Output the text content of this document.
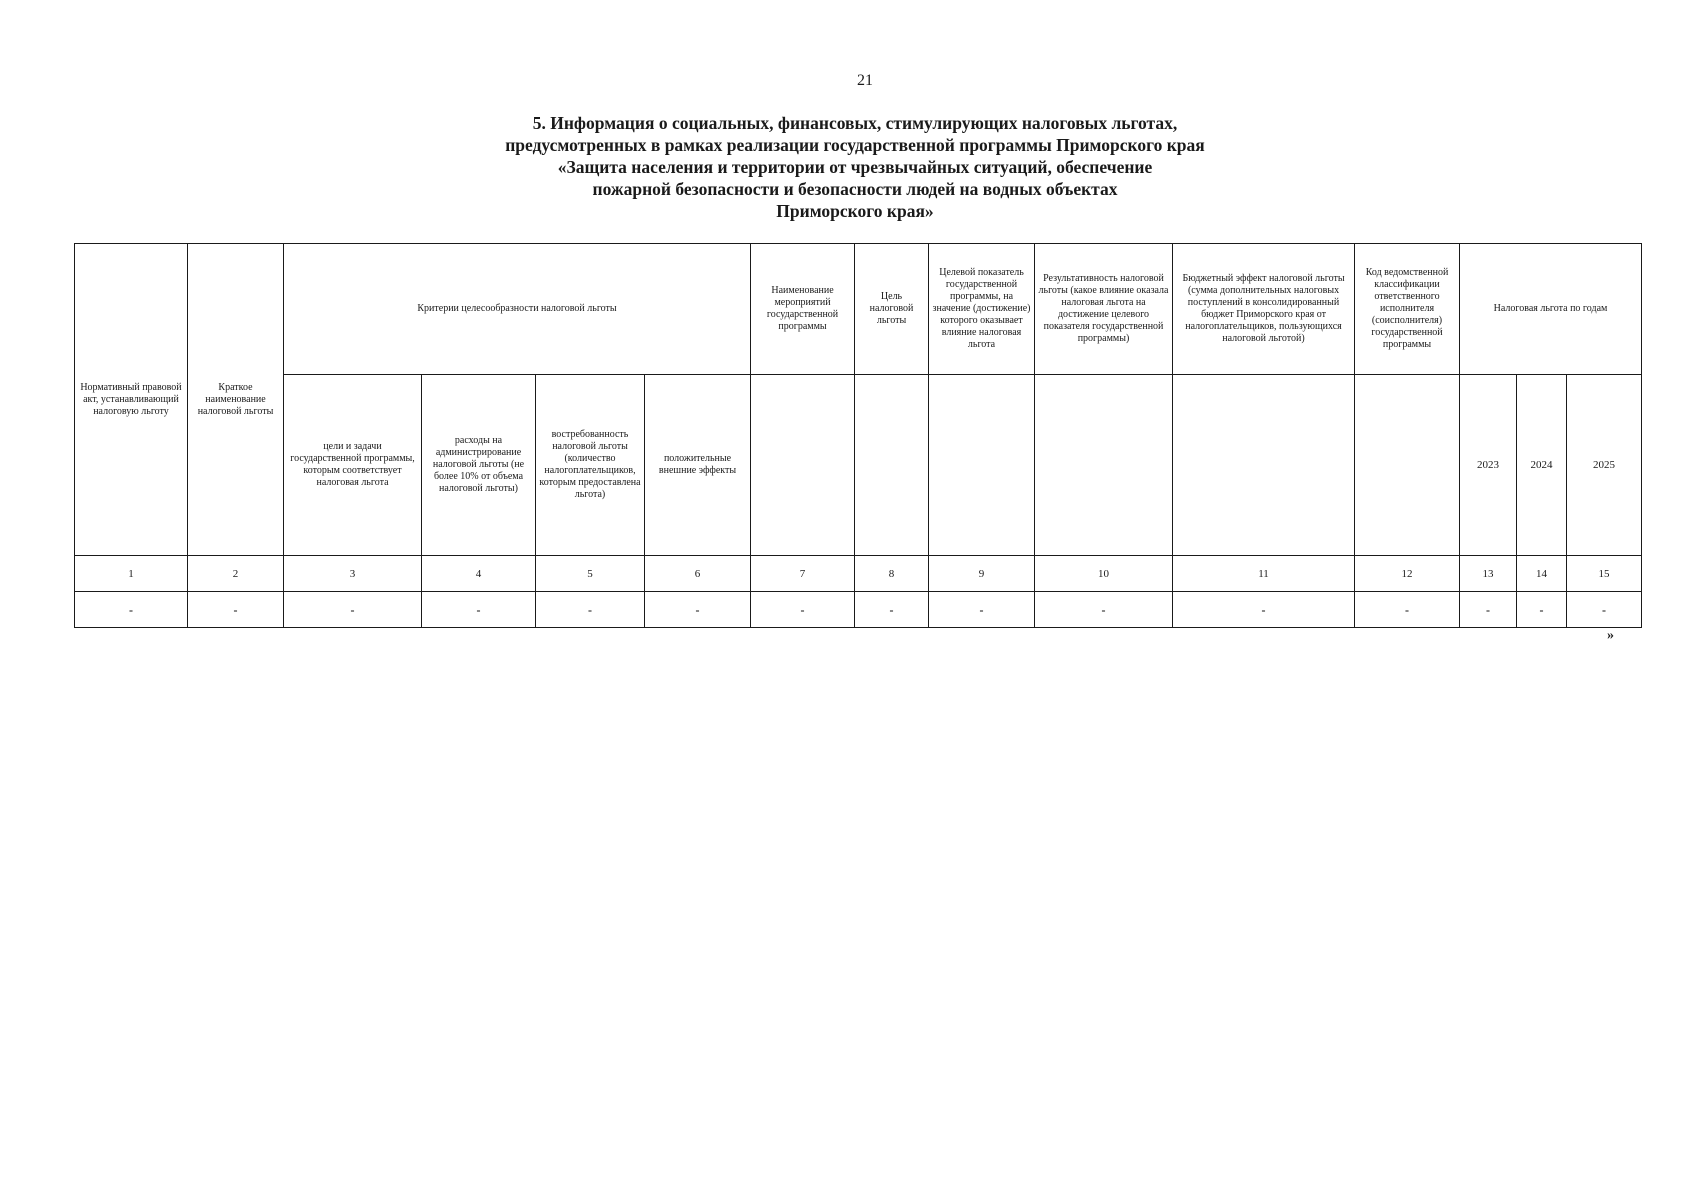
21
5. Информация о социальных, финансовых, стимулирующих налоговых льготах,
предусмотренных в рамках реализации государственной программы Приморского края
«Защита населения и территории от чрезвычайных ситуаций, обеспечение
пожарной безопасности и безопасности людей на водных объектах
Приморского края»
Нормативный правовой акт, устанавливающий налоговую льготу	Краткое наименование налоговой льготы	Критерии целесообразности налоговой льготы				Наименование мероприятий государственной программы	Цель налоговой льготы	Целевой показатель государственной программы, на значение (достижение) которого оказывает влияние налоговая льгота	Результативность налоговой льготы (какое влияние оказала налоговая льгота на достижение целевого показателя государственной программы)	Бюджетный эффект налоговой льготы (сумма дополнительных налоговых поступлений в консолидированный бюджет Приморского края от налогоплательщиков, пользующихся налоговой льготой)	Код ведомственной классификации ответственного исполнителя (соисполнителя) государственной программы	Налоговая льгота по годам		
		цели и задачи государственной программы, которым соответствует налоговая льгота	расходы на администрирование налоговой льготы (не более 10% от объема налоговой льготы)	востребованность налоговой льготы (количество налогоплательщиков, которым предоставлена льгота)	положительные внешние эффекты							2023	2024	2025
1	2	3	4	5	6	7	8	9	10	11	12	13	14	15
-	-	-	-	-	-	-	-	-	-	-	-	-	-	-
»
